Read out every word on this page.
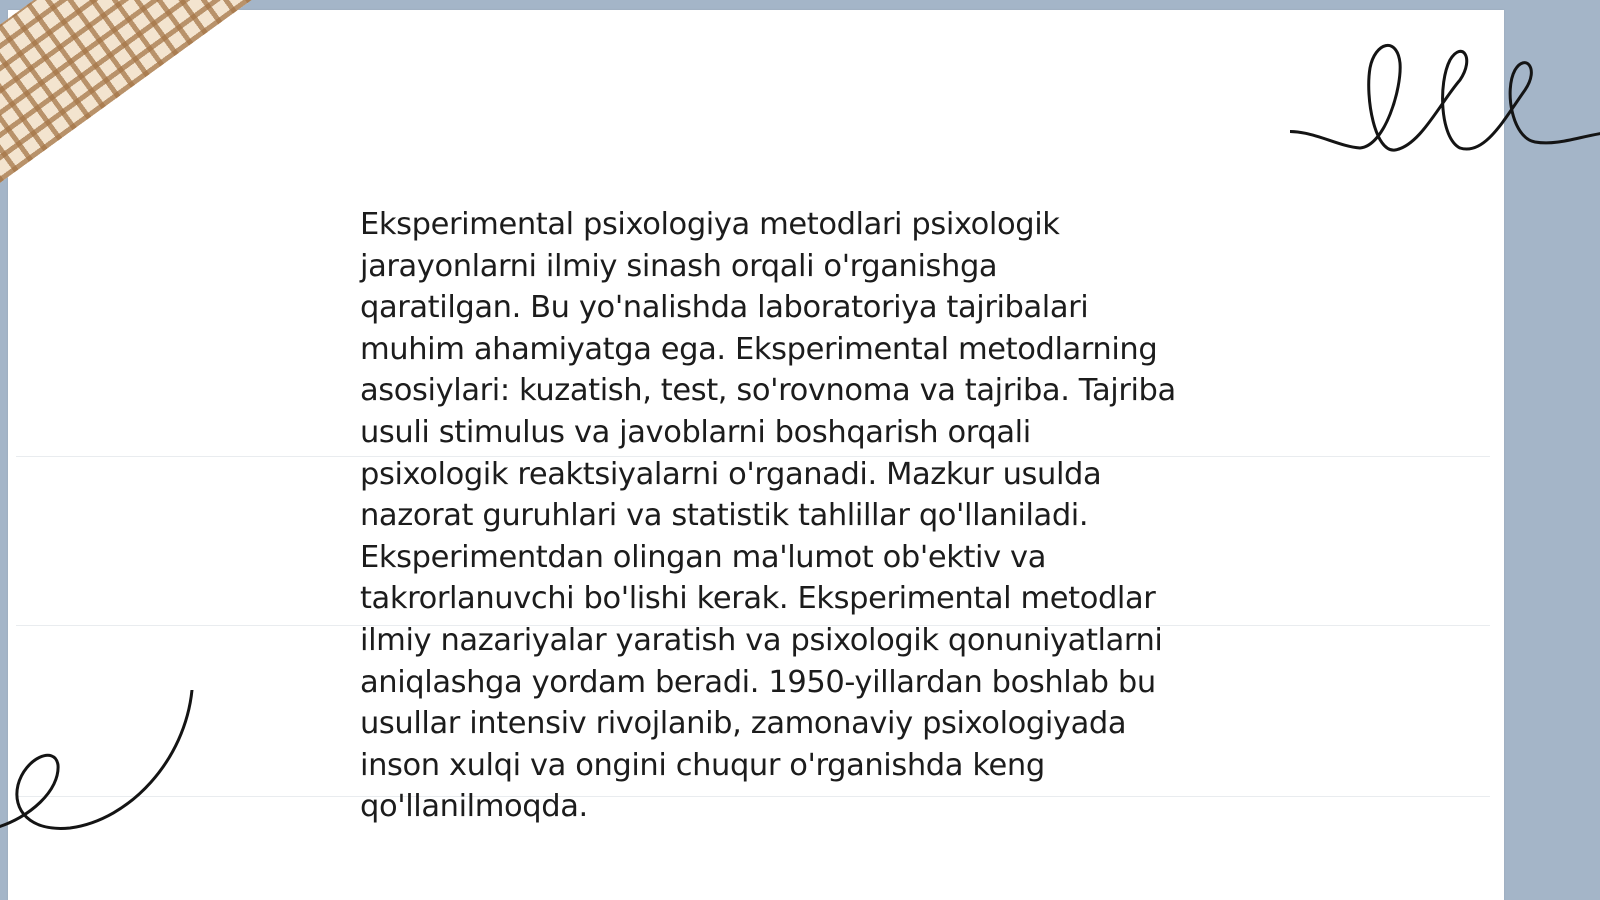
Eksperimental psixologiya metodlari psixologik
jarayonlarni ilmiy sinash orqali o'rganishga
qaratilgan. Bu yo'nalishda laboratoriya tajribalari
muhim ahamiyatga ega. Eksperimental metodlarning
asosiylari: kuzatish, test, so'rovnoma va tajriba. Tajriba
usuli stimulus va javoblarni boshqarish orqali
psixologik reaktsiyalarni o'rganadi. Mazkur usulda
nazorat guruhlari va statistik tahlillar qo'llaniladi.
Eksperimentdan olingan ma'lumot ob'ektiv va
takrorlanuvchi bo'lishi kerak. Eksperimental metodlar
ilmiy nazariyalar yaratish va psixologik qonuniyatlarni
aniqlashga yordam beradi. 1950-yillardan boshlab bu
usullar intensiv rivojlanib, zamonaviy psixologiyada
inson xulqi va ongini chuqur o'rganishda keng
qo'llanilmoqda.
